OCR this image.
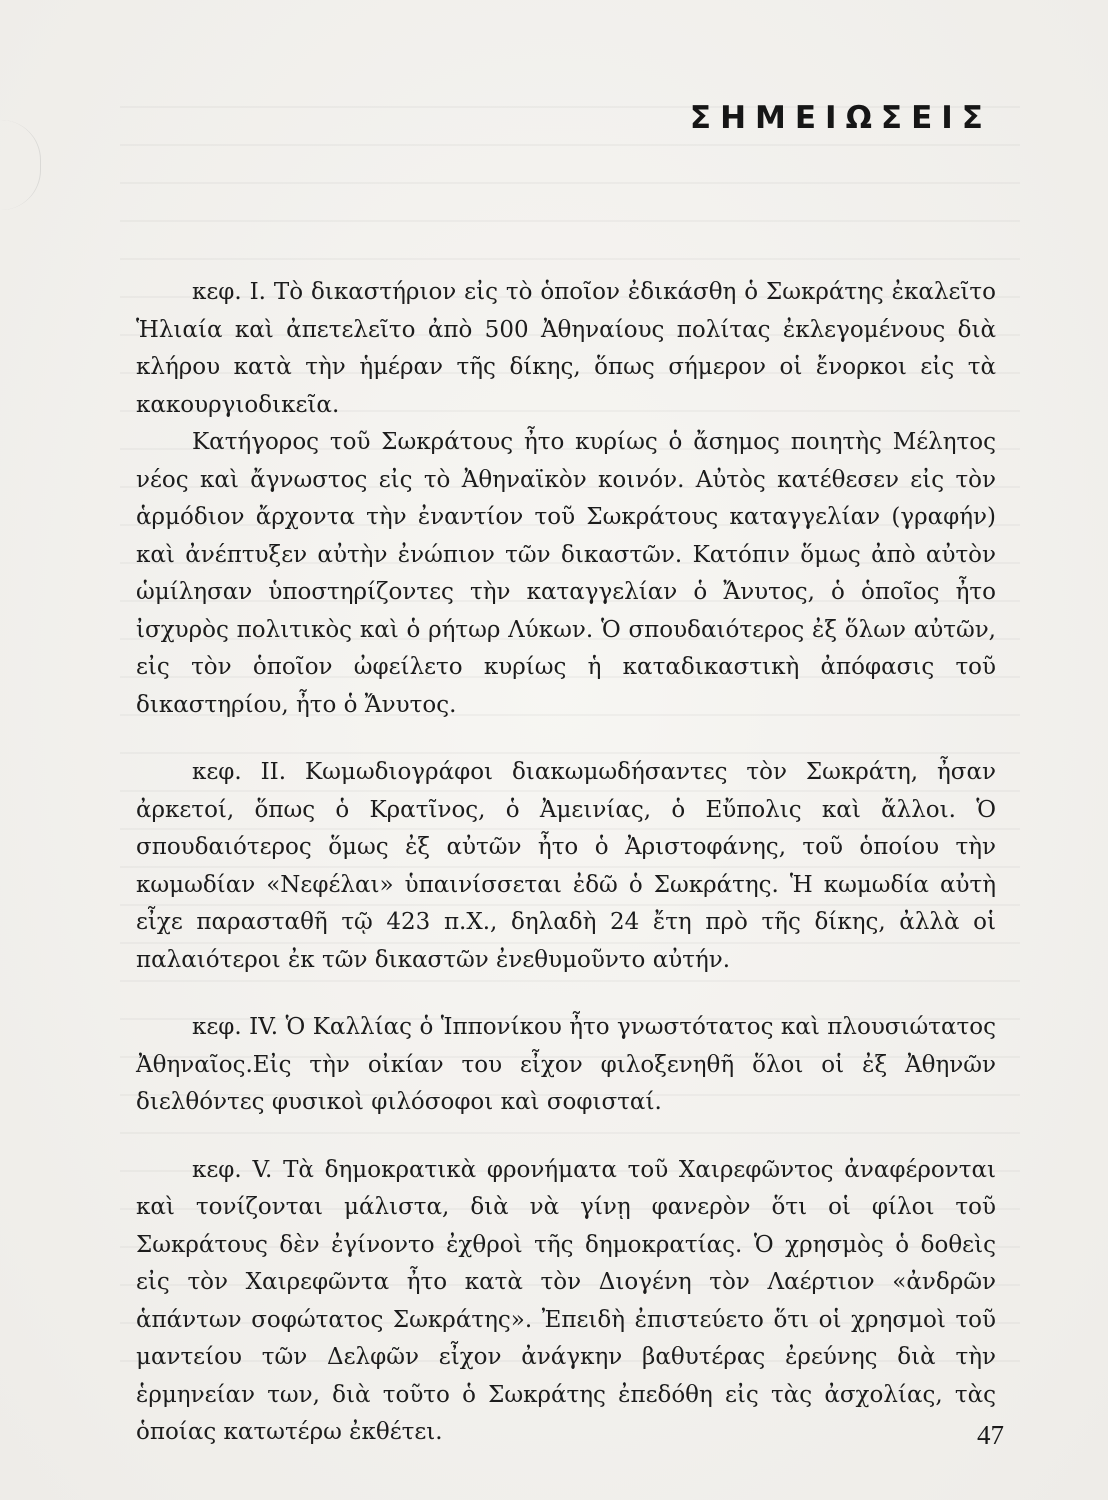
ΣΗΜΕΙΩΣΕΙΣ

κεφ. I. Τὸ δικαστήριον εἰς τὸ ὁποῖον ἐδικάσθη ὁ Σωκράτης ἐκαλεῖτο Ἡλιαία καὶ ἀπετελεῖτο ἀπὸ 500 Ἀθηναίους πολίτας ἐκλεγομένους διὰ κλήρου κατὰ τὴν ἡμέραν τῆς δίκης, ὅπως σήμερον οἱ ἔνορκοι εἰς τὰ κακουργιοδικεῖα.

Κατήγορος τοῦ Σωκράτους ἦτο κυρίως ὁ ἄσημος ποιητὴς Μέλητος νέος καὶ ἄγνωστος εἰς τὸ Ἀθηναϊκὸν κοινόν. Αὐτὸς κατέθεσεν εἰς τὸν ἁρμόδιον ἄρχοντα τὴν ἐναντίον τοῦ Σωκράτους καταγγελίαν (γραφήν) καὶ ἀνέπτυξεν αὐτὴν ἐνώπιον τῶν δικαστῶν. Κατόπιν ὅμως ἀπὸ αὐτὸν ὡμίλησαν ὑποστηρίζοντες τὴν καταγγελίαν ὁ Ἄνυτος, ὁ ὁποῖος ἦτο ἰσχυρὸς πολιτικὸς καὶ ὁ ρήτωρ Λύκων. Ὁ σπουδαιότερος ἐξ ὅλων αὐτῶν, εἰς τὸν ὁποῖον ὠφείλετο κυρίως ἡ καταδικαστικὴ ἀπόφασις τοῦ δικαστηρίου, ἦτο ὁ Ἄνυτος.

κεφ. II. Κωμωδιογράφοι διακωμωδήσαντες τὸν Σωκράτη, ἦσαν ἀρκετοί, ὅπως ὁ Κρατῖνος, ὁ Ἀμεινίας, ὁ Εὔπολις καὶ ἄλλοι. Ὁ σπουδαιότερος ὅμως ἐξ αὐτῶν ἦτο ὁ Ἀριστοφάνης, τοῦ ὁποίου τὴν κωμωδίαν «Νεφέλαι» ὑπαινίσσεται ἐδῶ ὁ Σωκράτης. Ἡ κωμωδία αὐτὴ εἶχε παρασταθῆ τῷ 423 π.Χ., δηλαδὴ 24 ἔτη πρὸ τῆς δίκης, ἀλλὰ οἱ παλαιότεροι ἐκ τῶν δικαστῶν ἐνεθυμοῦντο αὐτήν.

κεφ. IV. Ὁ Καλλίας ὁ Ἱππονίκου ἦτο γνωστότατος καὶ πλουσιώτατος Ἀθηναῖος.Εἰς τὴν οἰκίαν του εἶχον φιλοξενηθῆ ὅλοι οἱ ἐξ Ἀθηνῶν διελθόντες φυσικοὶ φιλόσοφοι καὶ σοφισταί.

κεφ. V. Τὰ δημοκρατικὰ φρονήματα τοῦ Χαιρεφῶντος ἀναφέρονται καὶ τονίζονται μάλιστα, διὰ νὰ γίνῃ φανερὸν ὅτι οἱ φίλοι τοῦ Σωκράτους δὲν ἐγίνοντο ἐχθροὶ τῆς δημοκρατίας. Ὁ χρησμὸς ὁ δοθεὶς εἰς τὸν Χαιρεφῶντα ἦτο κατὰ τὸν Διογένη τὸν Λαέρτιον «ἀνδρῶν ἁπάντων σοφώτατος Σωκράτης». Ἐπειδὴ ἐπιστεύετο ὅτι οἱ χρησμοὶ τοῦ μαντείου τῶν Δελφῶν εἶχον ἀνάγκην βαθυτέρας ἐρεύνης διὰ τὴν ἑρμηνείαν των, διὰ τοῦτο ὁ Σωκράτης ἐπεδόθη εἰς τὰς ἀσχολίας, τὰς ὁποίας κατωτέρω ἐκθέτει.	47
